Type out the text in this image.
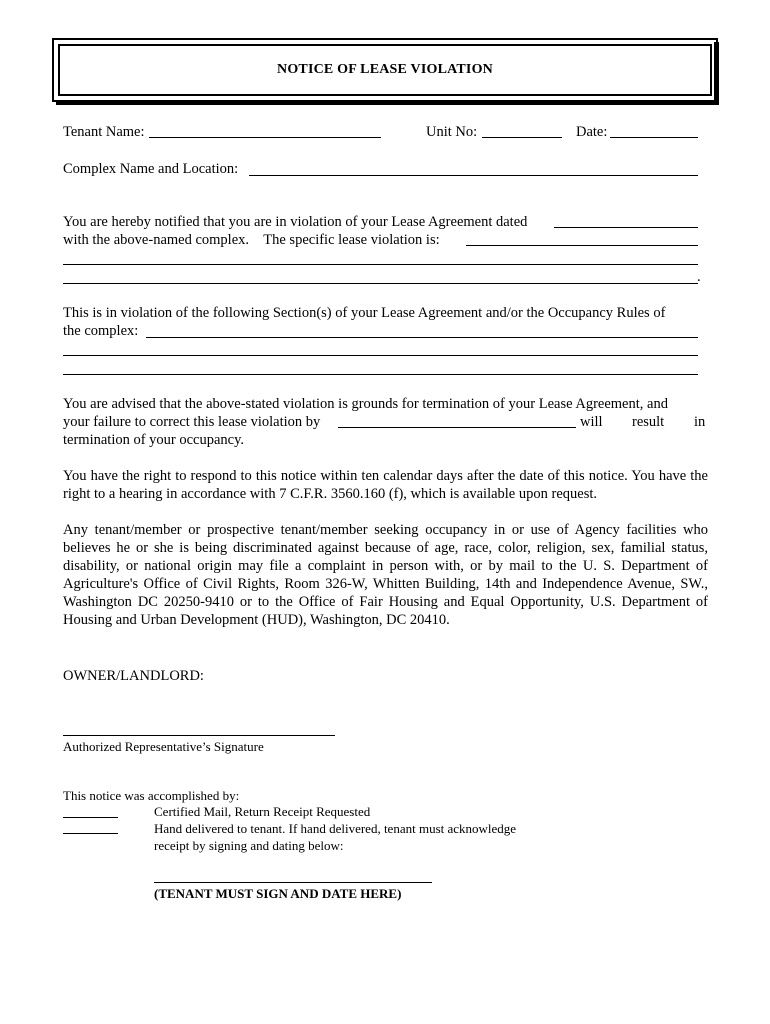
NOTICE OF LEASE VIOLATION
Tenant Name:	Unit No:	Date:
Complex Name and Location:
You are hereby notified that you are in violation of your Lease Agreement dated
with the above-named complex.    The specific lease violation is:
.
This is in violation of the following Section(s) of your Lease Agreement and/or the Occupancy Rules of
the complex:
You are advised that the above-stated violation is grounds for termination of your Lease Agreement, and
your failure to correct this lease violation by	will result in
termination of your occupancy.
You have the right to respond to this notice within ten calendar days after the date of this notice. You have the right to a hearing in accordance with 7 C.F.R. 3560.160 (f), which is available upon request.
Any tenant/member or prospective tenant/member seeking occupancy in or use of Agency facilities who believes he or she is being discriminated against because of age, race, color, religion, sex, familial status, disability, or national origin may file a complaint in person with, or by mail to the U. S. Department of Agriculture's Office of Civil Rights, Room 326-W, Whitten Building, 14th and Independence Avenue, SW., Washington DC 20250-9410 or to the Office of Fair Housing and Equal Opportunity, U.S. Department of Housing and Urban Development (HUD), Washington, DC 20410.
OWNER/LANDLORD:
Authorized Representative’s Signature
This notice was accomplished by:
Certified Mail, Return Receipt Requested
Hand delivered to tenant. If hand delivered, tenant must acknowledge
receipt by signing and dating below:
(TENANT MUST SIGN AND DATE HERE)
